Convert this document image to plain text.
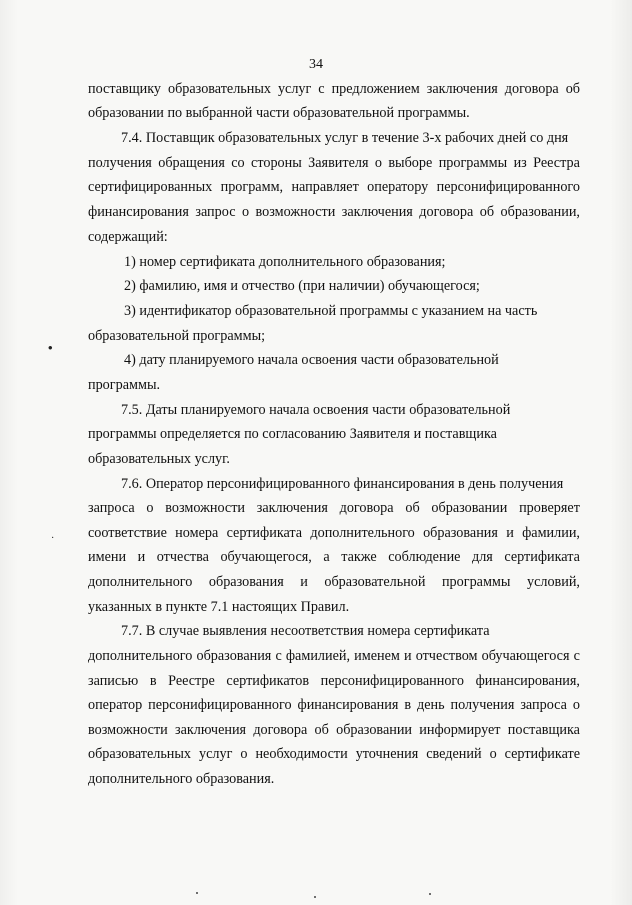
34
поставщику образовательных услуг с предложением заключения договора об
образовании по выбранной части образовательной программы.
7.4. Поставщик образовательных услуг в течение 3-х рабочих дней со дня
получения обращения со стороны Заявителя о выборе программы из Реестра
сертифицированных программ, направляет оператору персонифицированного
финансирования запрос о возможности заключения договора об образовании,
содержащий:
1) номер сертификата дополнительного образования;
2) фамилию, имя и отчество (при наличии) обучающегося;
3) идентификатор образовательной программы с указанием на часть
образовательной программы;
4) дату планируемого начала освоения части образовательной
программы.
7.5. Даты планируемого начала освоения части образовательной
программы определяется по согласованию Заявителя и поставщика
образовательных услуг.
7.6. Оператор персонифицированного финансирования в день получения
запроса о возможности заключения договора об образовании проверяет
соответствие номера сертификата дополнительного образования и фамилии,
имени и отчества обучающегося, а также соблюдение для сертификата
дополнительного образования и образовательной программы условий,
указанных в пункте 7.1 настоящих Правил.
7.7. В случае выявления несоответствия номера сертификата
дополнительного образования с фамилией, именем и отчеством обучающегося с
записью в Реестре сертификатов персонифицированного финансирования,
оператор персонифицированного финансирования в день получения запроса о
возможности заключения договора об образовании информирует поставщика
образовательных услуг о необходимости уточнения сведений о сертификате
дополнительного образования.
•
·
